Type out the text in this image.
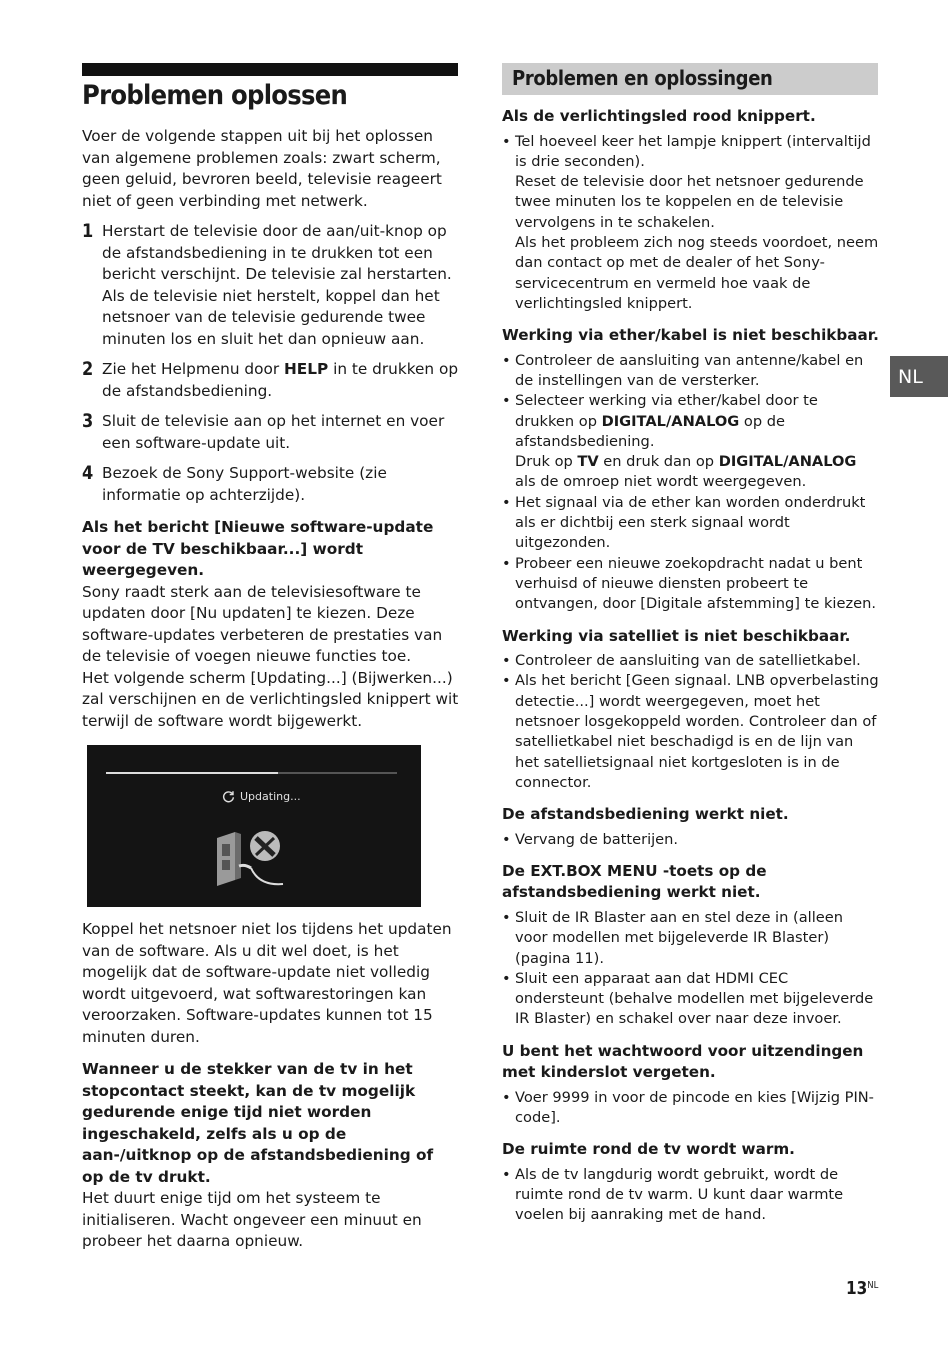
Problemen oplossen

Voer de volgende stappen uit bij het oplossen van algemene problemen zoals: zwart scherm, geen geluid, bevroren beeld, televisie reageert niet of geen verbinding met netwerk.

1 Herstart de televisie door de aan/uit-knop op de afstandsbediening in te drukken tot een bericht verschijnt. De televisie zal herstarten. Als de televisie niet herstelt, koppel dan het netsnoer van de televisie gedurende twee minuten los en sluit het dan opnieuw aan.
2 Zie het Helpmenu door HELP in te drukken op de afstandsbediening.
3 Sluit de televisie aan op het internet en voer een software-update uit.
4 Bezoek de Sony Support-website (zie informatie op achterzijde).

Als het bericht [Nieuwe software-update voor de TV beschikbaar...] wordt weergegeven.

Sony raadt sterk aan de televisiesoftware te updaten door [Nu updaten] te kiezen. Deze software-updates verbeteren de prestaties van de televisie of voegen nieuwe functies toe.

Het volgende scherm [Updating...] (Bijwerken...) zal verschijnen en de verlichtingsled knippert wit terwijl de software wordt bijgewerkt.

Updating...

Koppel het netsnoer niet los tijdens het updaten van de software. Als u dit wel doet, is het mogelijk dat de software-update niet volledig wordt uitgevoerd, wat softwarestoringen kan veroorzaken. Software-updates kunnen tot 15 minuten duren.

Wanneer u de stekker van de tv in het stopcontact steekt, kan de tv mogelijk gedurende enige tijd niet worden ingeschakeld, zelfs als u op de aan-/uitknop op de afstandsbediening of op de tv drukt.

Het duurt enige tijd om het systeem te initialiseren. Wacht ongeveer een minuut en probeer het daarna opnieuw.

Problemen en oplossingen
Als de verlichtingsled rood knippert.

• Tel hoeveel keer het lampje knippert (intervaltijd is drie seconden).

Reset de televisie door het netsnoer gedurende twee minuten los te koppelen en de televisie vervolgens in te schakelen.

Als het probleem zich nog steeds voordoet, neem dan contact op met de dealer of het Sony-servicecentrum en vermeld hoe vaak de verlichtingsled knippert.

Werking via ether/kabel is niet beschikbaar.
• Controleer de aansluiting van antenne/kabel en de instellingen van de versterker.

• Selecteer werking via ether/kabel door te drukken op DIGITAL/ANALOG op de afstandsbediening.

Druk op TV en druk dan op DIGITAL/ANALOG als de omroep niet wordt weergegeven.

• Het signaal via de ether kan worden onderdrukt als er dichtbij een sterk signaal wordt uitgezonden.
• Probeer een nieuwe zoekopdracht nadat u bent verhuisd of nieuwe diensten probeert te ontvangen, door [Digitale afstemming] te kiezen.
Werking via satelliet is niet beschikbaar.
• Controleer de aansluiting van de satellietkabel.
• Als het bericht [Geen signaal. LNB opverbelasting detectie...] wordt weergegeven, moet het netsnoer losgekoppeld worden. Controleer dan of satellietkabel niet beschadigd is en de lijn van het satellietsignaal niet kortgesloten is in de connector.
De afstandsbediening werkt niet.
• Vervang de batterijen.
De EXT.BOX MENU -toets op de afstandsbediening werkt niet.
• Sluit de IR Blaster aan en stel deze in (alleen voor modellen met bijgeleverde IR Blaster) (pagina 11).
• Sluit een apparaat aan dat HDMI CEC ondersteunt (behalve modellen met bijgeleverde IR Blaster) en schakel over naar deze invoer.
U bent het wachtwoord voor uitzendingen met kinderslot vergeten.
• Voer 9999 in voor de pincode en kies [Wijzig PIN-code].
De ruimte rond de tv wordt warm.
• Als de tv langdurig wordt gebruikt, wordt de ruimte rond de tv warm. U kunt daar warmte voelen bij aanraking met de hand.
NL
$13^{NL}$
